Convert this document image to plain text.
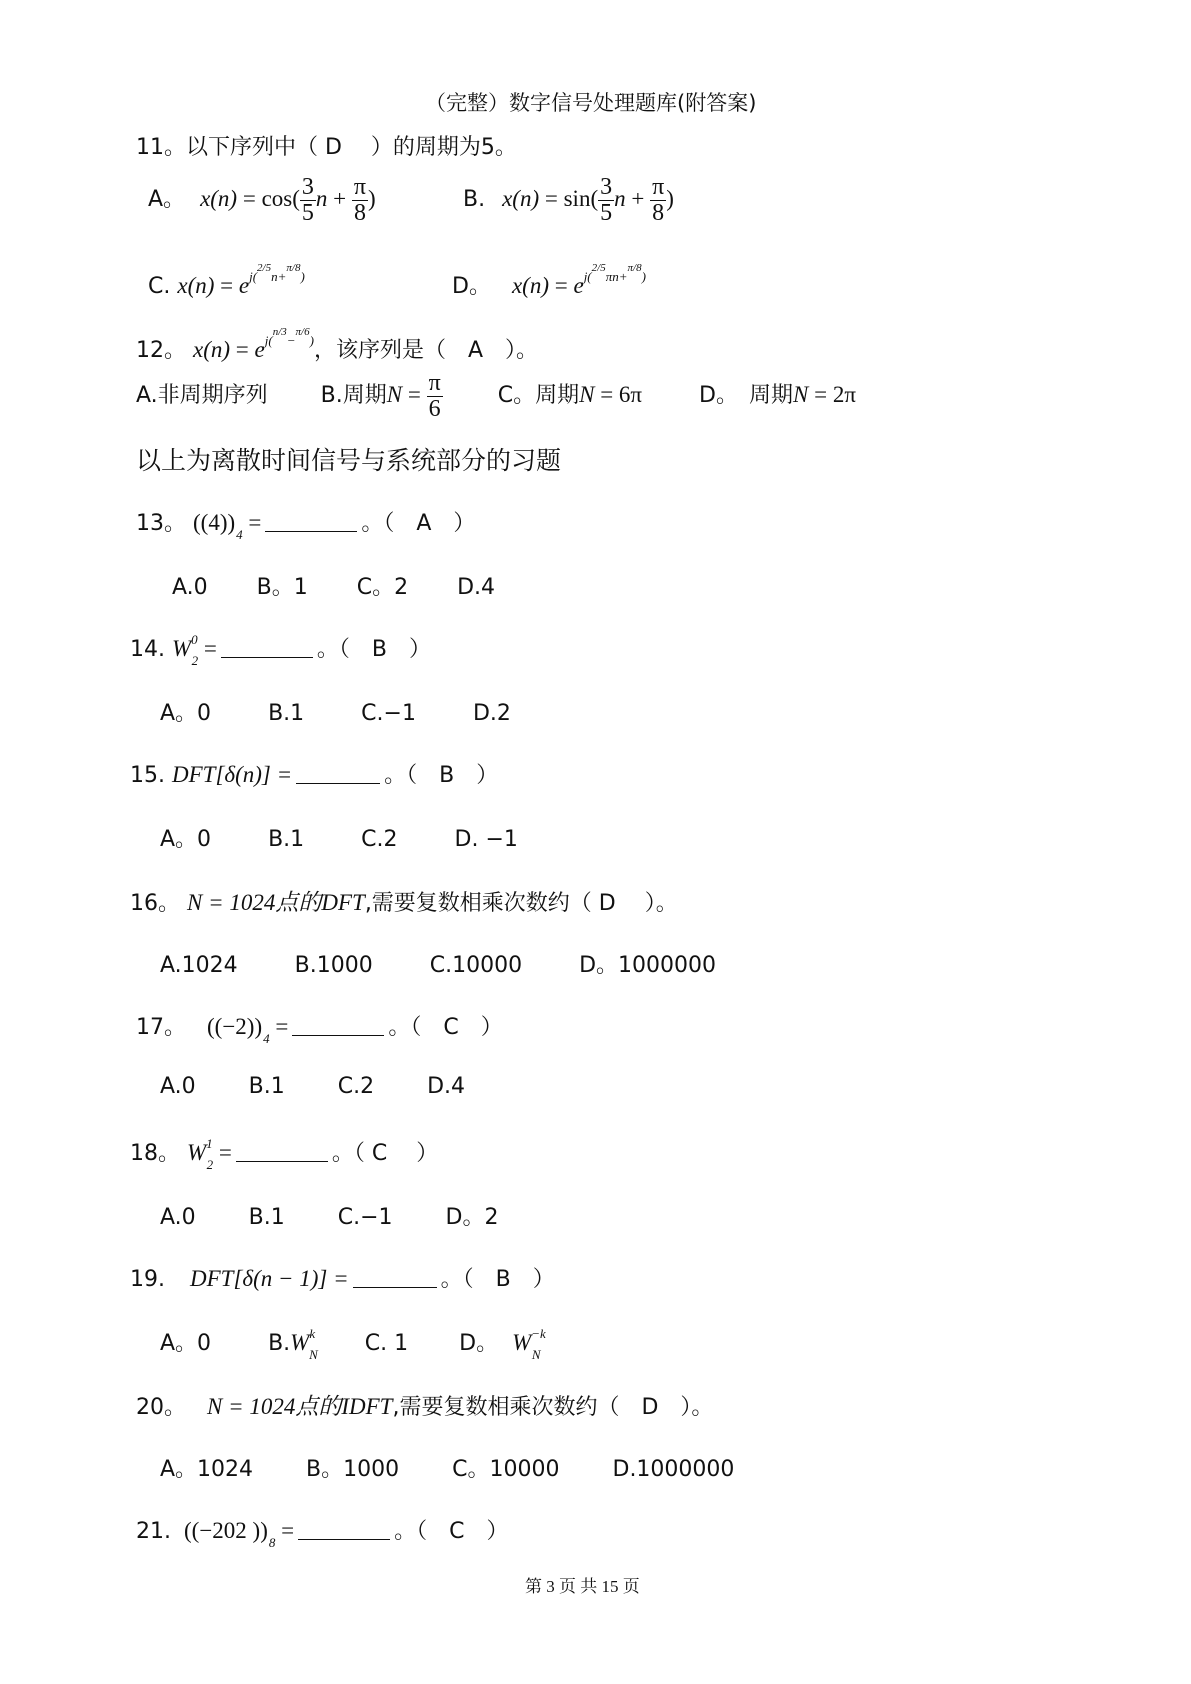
（完整）数字信号处理题库(附答案)
11。以下序列中（ D　 ）的周期为5。
A。 $x(n) = \cos( \frac{3}{5}$ $n + \frac{\pi}{8}$ )	B. $x(n) = \sin( \frac{3}{5}$ $n + \frac{\pi}{8}$ )
C. $x(n) = e^{j(2/5n+\pi/8)}$	D。 $x(n) = e^{j(2/5\pi n+\pi/8)}$
12。 $x(n) = e^{j(n/3-\pi/6)}$，该序列是（　A　）。
A.非周期序列 B.周期$N = \frac{\pi}{6}$	C。周期N = 6π	D。　周期N = 2π
以上为离散时间信号与系统部分的习题
13。 $((4))_4$ =	。（　A　）
A.0 B。1 C。2 D.4
14. $W^0_2$ =	。（　B　）
A。0	B.1	C.−1	D.2
15. DFT[δ(n)] =	。（　B　）
A。0	B.1	C.2	D. −1
16。 N = 1024点的DFT,需要复数相乘次数约（ D　 ）。
A.1024	B.1000	C.10000	D。1000000
17。 $((-2))_4$ =	。（　C　）
A.0 B.1 C.2 D.4
18。 $W^1_2$ =	。（ C　 ）
A.0 B.1 C.−1 D。2
19. DFT[δ(n − 1)] =	。（　B　）
A。0	$B.W^k_N$ C. 1 D。 $W^{-k}_N$
20。 N = 1024点的IDFT,需要复数相乘次数约（　D　）。
A。1024 B。1000 C。10000 D.1000000
21. ((−202 ))$_8$ =	。（　C　）
第 3 页 共 15 页
